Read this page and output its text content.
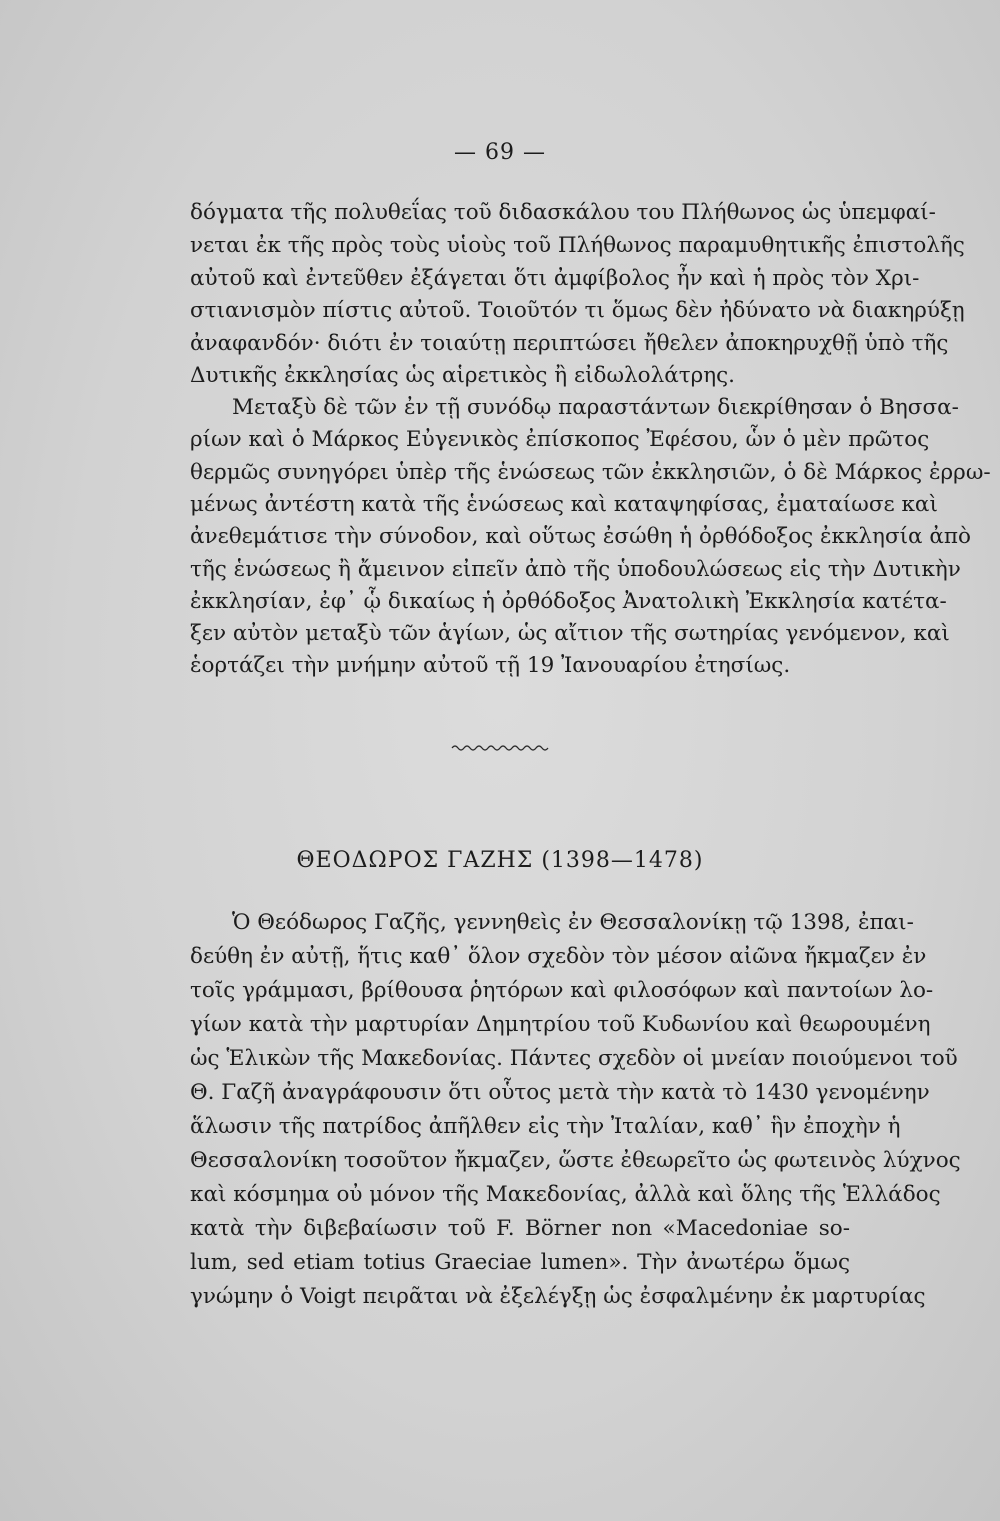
— 69 —
δόγματα τῆς πολυθεΐας τοῦ διδασκάλου του Πλήθωνος ὡς ὑπεμφαί-
νεται ἐκ τῆς πρὸς τοὺς υἱοὺς τοῦ Πλήθωνος παραμυθητικῆς ἐπιστολῆς
αὐτοῦ καὶ ἐντεῦθεν ἐξάγεται ὅτι ἀμφίβολος ἦν καὶ ἡ πρὸς τὸν Χρι-
στιανισμὸν πίστις αὐτοῦ. Τοιοῦτόν τι ὅμως δὲν ἠδύνατο νὰ διακηρύξῃ
ἀναφανδόν· διότι ἐν τοιαύτῃ περιπτώσει ἤθελεν ἀποκηρυχθῇ ὑπὸ τῆς
Δυτικῆς ἐκκλησίας ὡς αἱρετικὸς ἢ εἰδωλολάτρης.
Μεταξὺ δὲ τῶν ἐν τῇ συνόδῳ παραστάντων διεκρίθησαν ὁ Βησσα-
ρίων καὶ ὁ Μάρκος Εὐγενικὸς ἐπίσκοπος Ἐφέσου, ὧν ὁ μὲν πρῶτος
θερμῶς συνηγόρει ὑπὲρ τῆς ἑνώσεως τῶν ἐκκλησιῶν, ὁ δὲ Μάρκος ἐρρω-
μένως ἀντέστη κατὰ τῆς ἑνώσεως καὶ καταψηφίσας, ἐματαίωσε καὶ
ἀνεθεμάτισε τὴν σύνοδον, καὶ οὕτως ἐσώθη ἡ ὀρθόδοξος ἐκκλησία ἀπὸ
τῆς ἑνώσεως ἢ ἄμεινον εἰπεῖν ἀπὸ τῆς ὑποδουλώσεως εἰς τὴν Δυτικὴν
ἐκκλησίαν, ἐφ᾽ ᾧ δικαίως ἡ ὀρθόδοξος Ἀνατολικὴ Ἐκκλησία κατέτα-
ξεν αὐτὸν μεταξὺ τῶν ἁγίων, ὡς αἴτιον τῆς σωτηρίας γενόμενον, καὶ
ἑορτάζει τὴν μνήμην αὐτοῦ τῇ 19 Ἰανουαρίου ἐτησίως.
ΘΕΟΔΩΡΟΣ ΓΑΖΗΣ (1398—1478)
Ὁ Θεόδωρος Γαζῆς, γεννηθεὶς ἐν Θεσσαλονίκῃ τῷ 1398, ἐπαι-
δεύθη ἐν αὐτῇ, ἥτις καθ᾽ ὅλον σχεδὸν τὸν μέσον αἰῶνα ἤκμαζεν ἐν
τοῖς γράμμασι, βρίθουσα ῥητόρων καὶ φιλοσόφων καὶ παντοίων λο-
γίων κατὰ τὴν μαρτυρίαν Δημητρίου τοῦ Κυδωνίου καὶ θεωρουμένη
ὡς Ἑλικὼν τῆς Μακεδονίας. Πάντες σχεδὸν οἱ μνείαν ποιούμενοι τοῦ
Θ. Γαζῆ ἀναγράφουσιν ὅτι οὗτος μετὰ τὴν κατὰ τὸ 1430 γενομένην
ἅλωσιν τῆς πατρίδος ἀπῆλθεν εἰς τὴν Ἰταλίαν, καθ᾽ ἣν ἐποχὴν ἡ
Θεσσαλονίκη τοσοῦτον ἤκμαζεν, ὥστε ἐθεωρεῖτο ὡς φωτεινὸς λύχνος
καὶ κόσμημα οὐ μόνον τῆς Μακεδονίας, ἀλλὰ καὶ ὅλης τῆς Ἑλλάδος
κατὰ τὴν διβεβαίωσιν τοῦ F. Börner non «Macedoniae so-
lum, sed etiam totius Graeciae lumen». Τὴν ἀνωτέρω ὅμως
γνώμην ὁ Voigt πειρᾶται νὰ ἐξελέγξῃ ὡς ἐσφαλμένην ἐκ μαρτυρίας
